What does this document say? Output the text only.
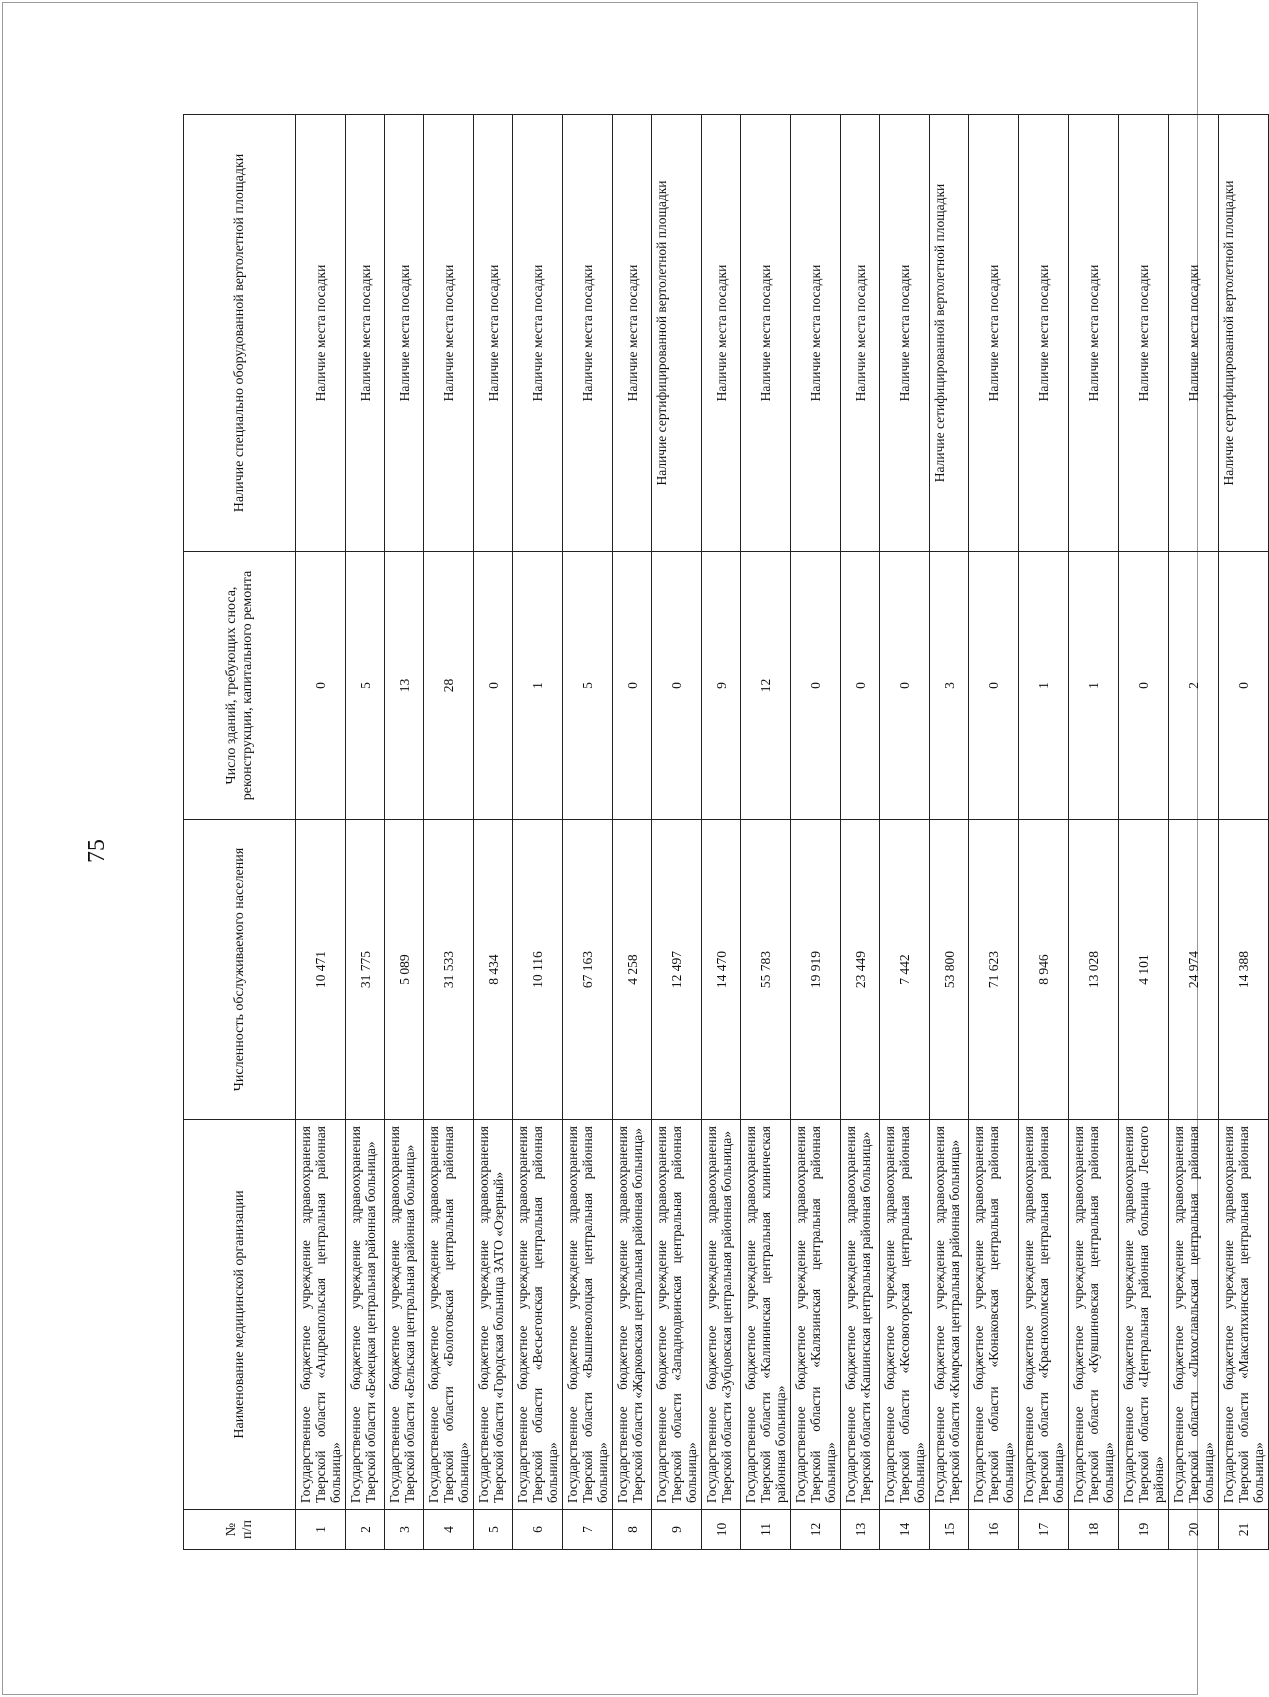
75
№ п/п	Наименование медицинской организации	Численность обслуживаемого населения	Число зданий, требующих сноса, реконструкции, капитального ремонта	Наличие специально оборудованной вертолетной площадки
1	Государственное бюджетное учреждение здравоохранения Тверской области «Андреапольская центральная районная больница»	10 471	0	Наличие места посадки
2	Государственное бюджетное учреждение здравоохранения Тверской области «Бежецкая центральная районная больница»	31 775	5	Наличие места посадки
3	Государственное бюджетное учреждение здравоохранения Тверской области «Бельская центральная районная больница»	5 089	13	Наличие места посадки
4	Государственное бюджетное учреждение здравоохранения Тверской области «Бологовская центральная районная больница»	31 533	28	Наличие места посадки
5	Государственное бюджетное учреждение здравоохранения Тверской области «Городская больница ЗАТО «Озерный»	8 434	0	Наличие места посадки
6	Государственное бюджетное учреждение здравоохранения Тверской области «Весьегонская центральная районная больница»	10 116	1	Наличие места посадки
7	Государственное бюджетное учреждение здравоохранения Тверской области «Вышневолоцкая центральная районная больница»	67 163	5	Наличие места посадки
8	Государственное бюджетное учреждение здравоохранения Тверской области «Жарковская центральная районная больница»	4 258	0	Наличие места посадки
9	Государственное бюджетное учреждение здравоохранения Тверской области «Западнодвинская центральная районная больница»	12 497	0	Наличие сертифицированной вертолетной площадки
10	Государственное бюджетное учреждение здравоохранения Тверской области «Зубцовская центральная районная больница»	14 470	9	Наличие места посадки
11	Государственное бюджетное учреждение здравоохранения Тверской области «Калининская центральная клиническая районная больница»	55 783	12	Наличие места посадки
12	Государственное бюджетное учреждение здравоохранения Тверской области «Калязинская центральная районная больница»	19 919	0	Наличие места посадки
13	Государственное бюджетное учреждение здравоохранения Тверской области «Кашинская центральная районная больница»	23 449	0	Наличие места посадки
14	Государственное бюджетное учреждение здравоохранения Тверской области «Кесовогорская центральная районная больница»	7 442	0	Наличие места посадки
15	Государственное бюджетное учреждение здравоохранения Тверской области «Кимрская центральная районная больница»	53 800	3	Наличие сетифицированной вертолетной площадки
16	Государственное бюджетное учреждение здравоохранения Тверской области «Конаковская центральная районная больница»	71 623	0	Наличие места посадки
17	Государственное бюджетное учреждение здравоохранения Тверской области «Краснохолмская центральная районная больница»	8 946	1	Наличие места посадки
18	Государственное бюджетное учреждение здравоохранения Тверской области «Кувшиновская центральная районная больница»	13 028	1	Наличие места посадки
19	Государственное бюджетное учреждение здравоохранения Тверской области «Центральная районная больница Лесного района»	4 101	0	Наличие места посадки
20	Государственное бюджетное учреждение здравоохранения Тверской области «Лихославльская центральная районная больница»	24 974	2	Наличие места посадки
21	Государственное бюджетное учреждение здравоохранения Тверской области «Максатихинская центральная районная больница»	14 388	0	Наличие сертифицированной вертолетной площадки
